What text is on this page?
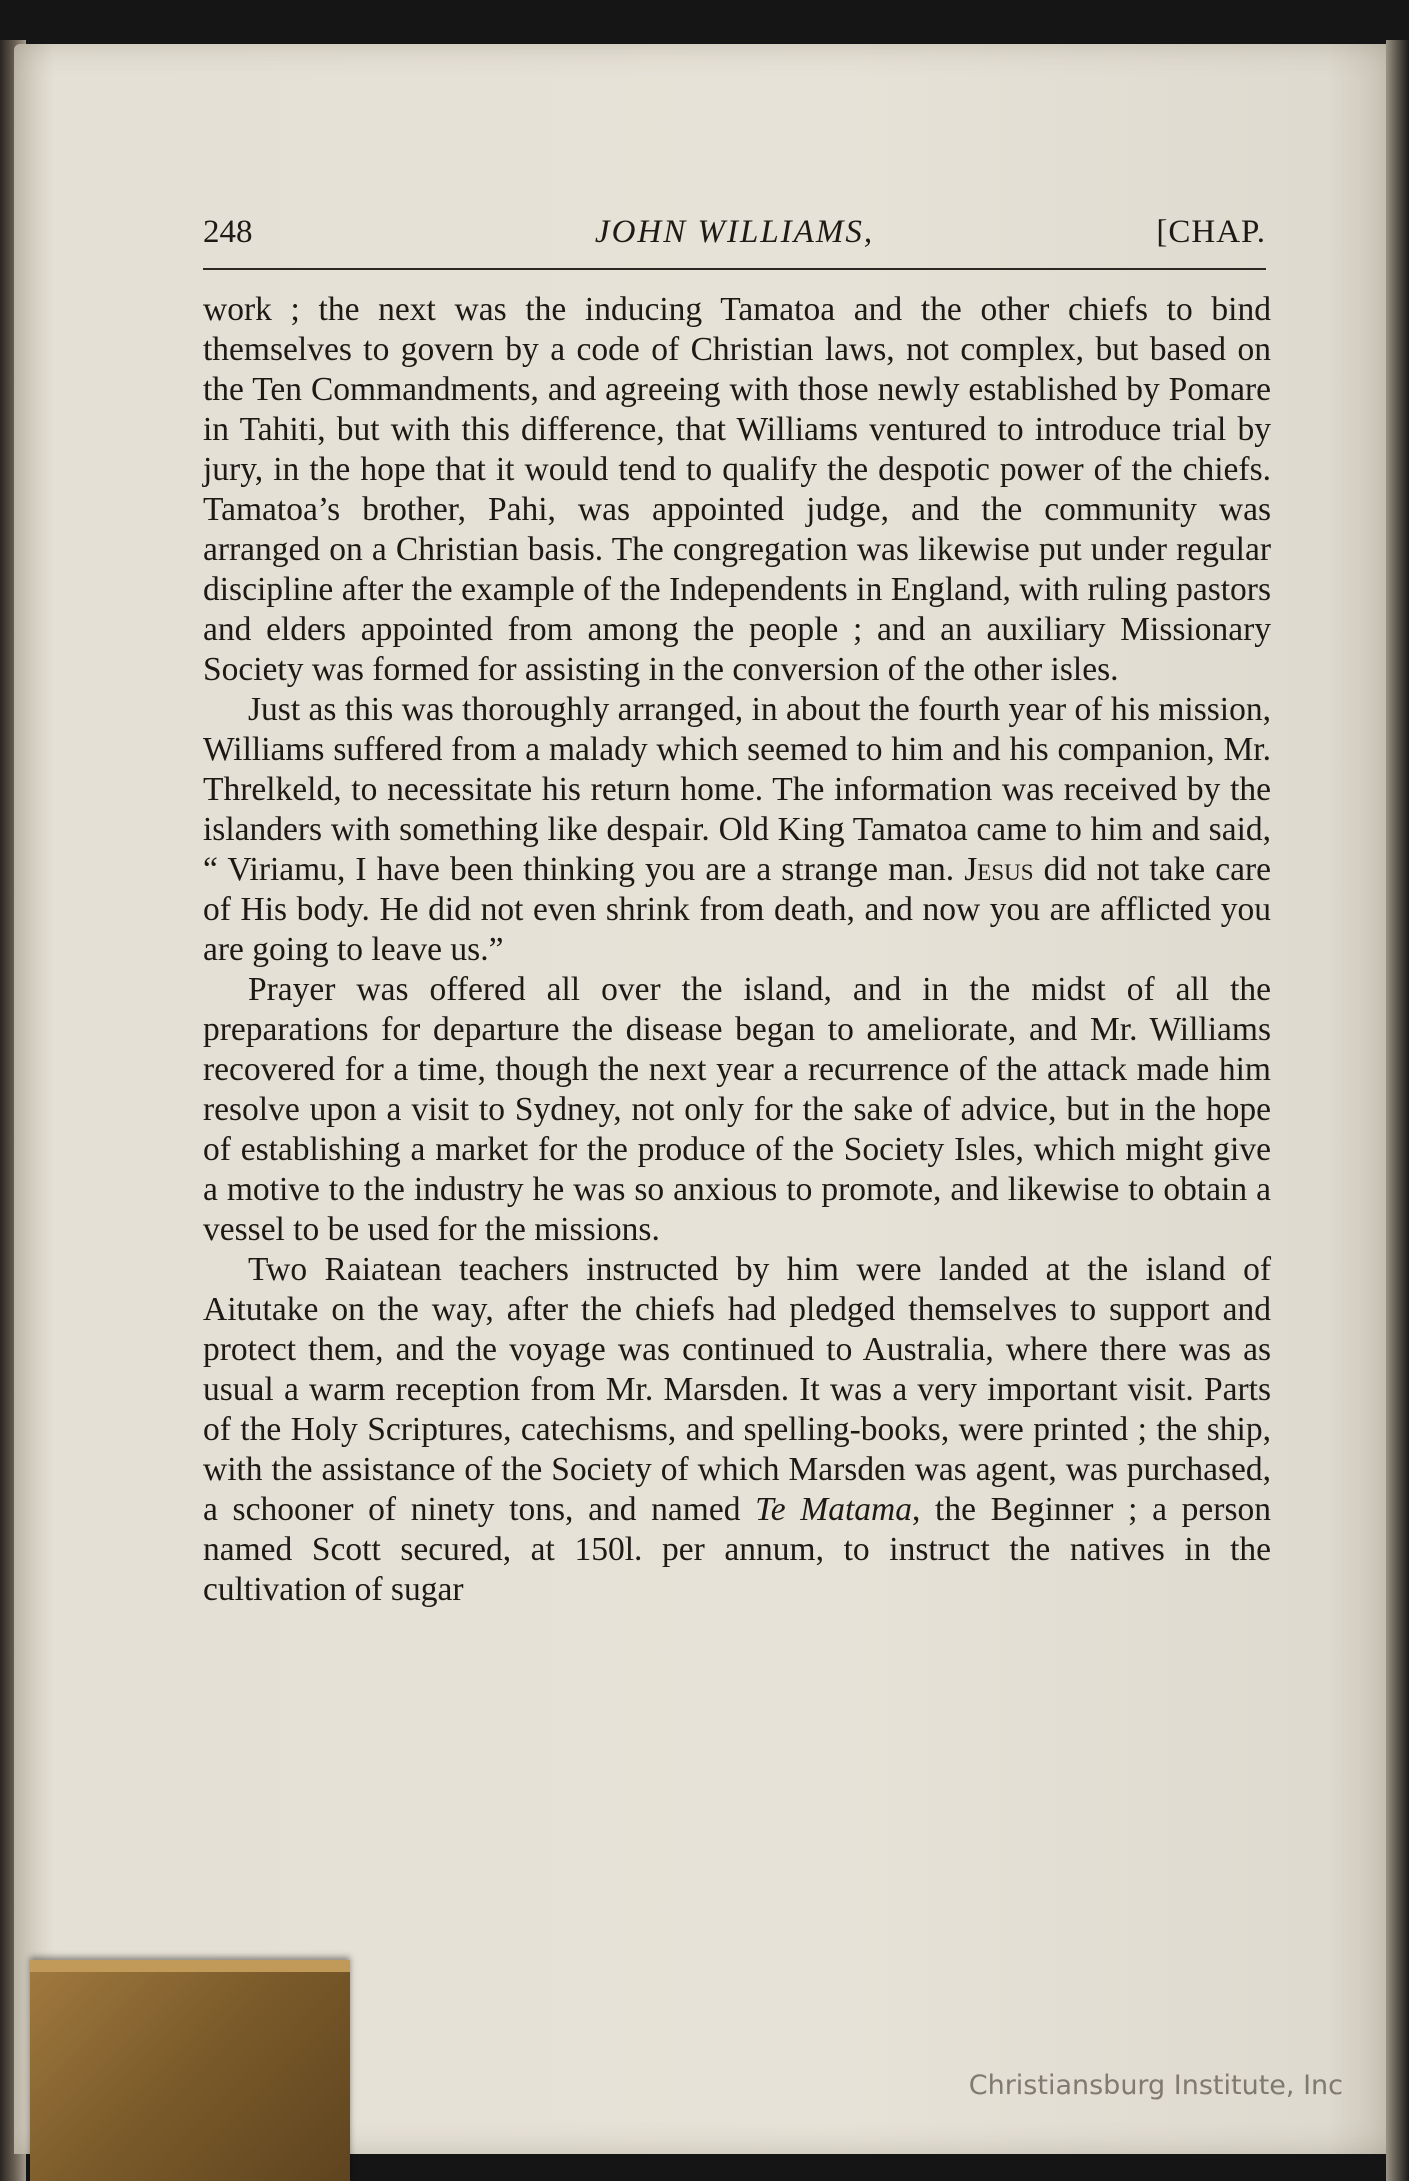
248	JOHN WILLIAMS,	[CHAP.

work ; the next was the inducing Tamatoa and the other chiefs to bind themselves to govern by a code of Christian laws, not complex, but based on the Ten Commandments, and agreeing with those newly established by Pomare in Tahiti, but with this difference, that Williams ventured to introduce trial by jury, in the hope that it would tend to qualify the despotic power of the chiefs. Tamatoa’s brother, Pahi, was appointed judge, and the community was arranged on a Christian basis. The congregation was likewise put under regular discipline after the example of the Independents in England, with ruling pastors and elders appointed from among the people ; and an auxiliary Missionary Society was formed for assisting in the conversion of the other isles.

Just as this was thoroughly arranged, in about the fourth year of his mission, Williams suffered from a malady which seemed to him and his companion, Mr. Threlkeld, to necessitate his return home. The information was received by the islanders with something like despair. Old King Tamatoa came to him and said, “ Viriamu, I have been thinking you are a strange man. Jesus did not take care of His body. He did not even shrink from death, and now you are afflicted you are going to leave us.”

Prayer was offered all over the island, and in the midst of all the preparations for departure the disease began to ameliorate, and Mr. Williams recovered for a time, though the next year a recurrence of the attack made him resolve upon a visit to Sydney, not only for the sake of advice, but in the hope of establishing a market for the produce of the Society Isles, which might give a motive to the industry he was so anxious to promote, and likewise to obtain a vessel to be used for the missions.

Two Raiatean teachers instructed by him were landed at the island of Aitutake on the way, after the chiefs had pledged themselves to support and protect them, and the voyage was continued to Australia, where there was as usual a warm reception from Mr. Marsden. It was a very important visit. Parts of the Holy Scriptures, catechisms, and spelling-books, were printed ; the ship, with the assistance of the Society of which Marsden was agent, was purchased, a schooner of ninety tons, and named Te Matama, the Beginner ; a person named Scott secured, at 150l. per annum, to instruct the natives in the cultivation of sugar

Christiansburg Institute, Inc
